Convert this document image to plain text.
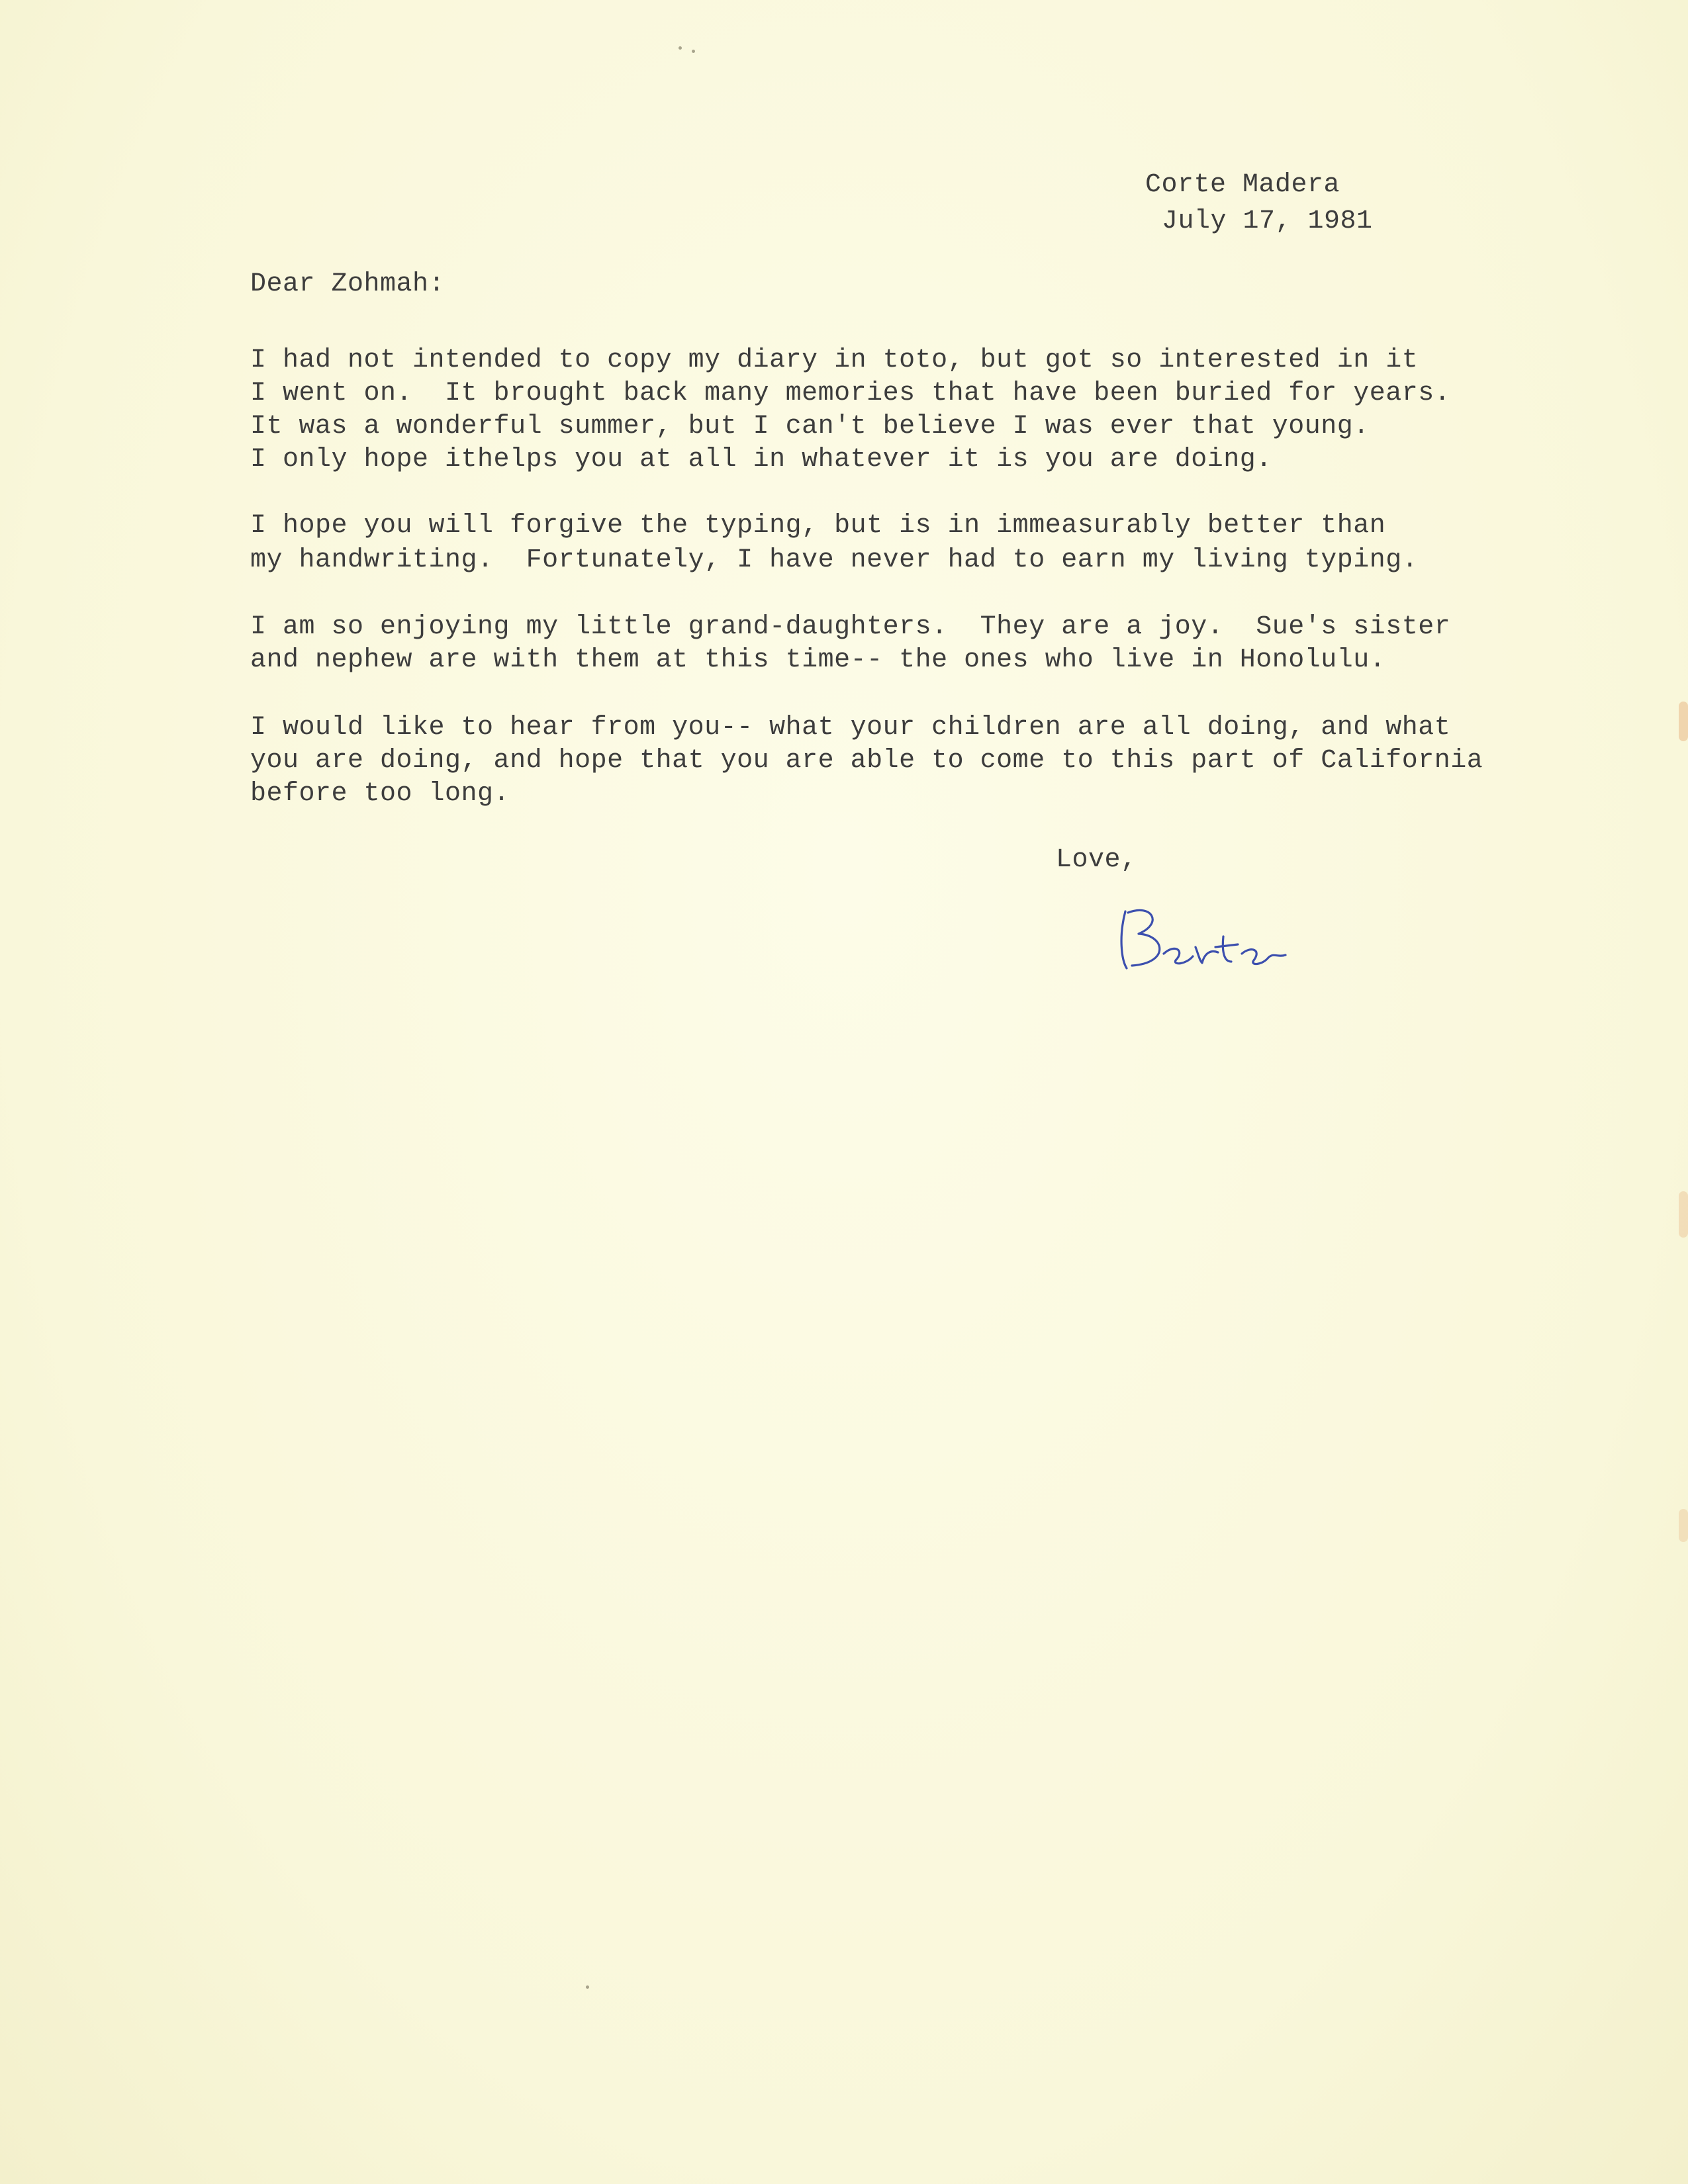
Corte Madera
July 17, 1981
Dear Zohmah:
I had not intended to copy my diary in toto, but got so interested in it
I went on.  It brought back many memories that have been buried for years.
It was a wonderful summer, but I can't believe I was ever that young.
I only hope ithelps you at all in whatever it is you are doing.
I hope you will forgive the typing, but is in immeasurably better than
my handwriting.  Fortunately, I have never had to earn my living typing.
I am so enjoying my little grand-daughters.  They are a joy.  Sue's sister
and nephew are with them at this time-- the ones who live in Honolulu.
I would like to hear from you-- what your children are all doing, and what
you are doing, and hope that you are able to come to this part of California
before too long.
Love,
